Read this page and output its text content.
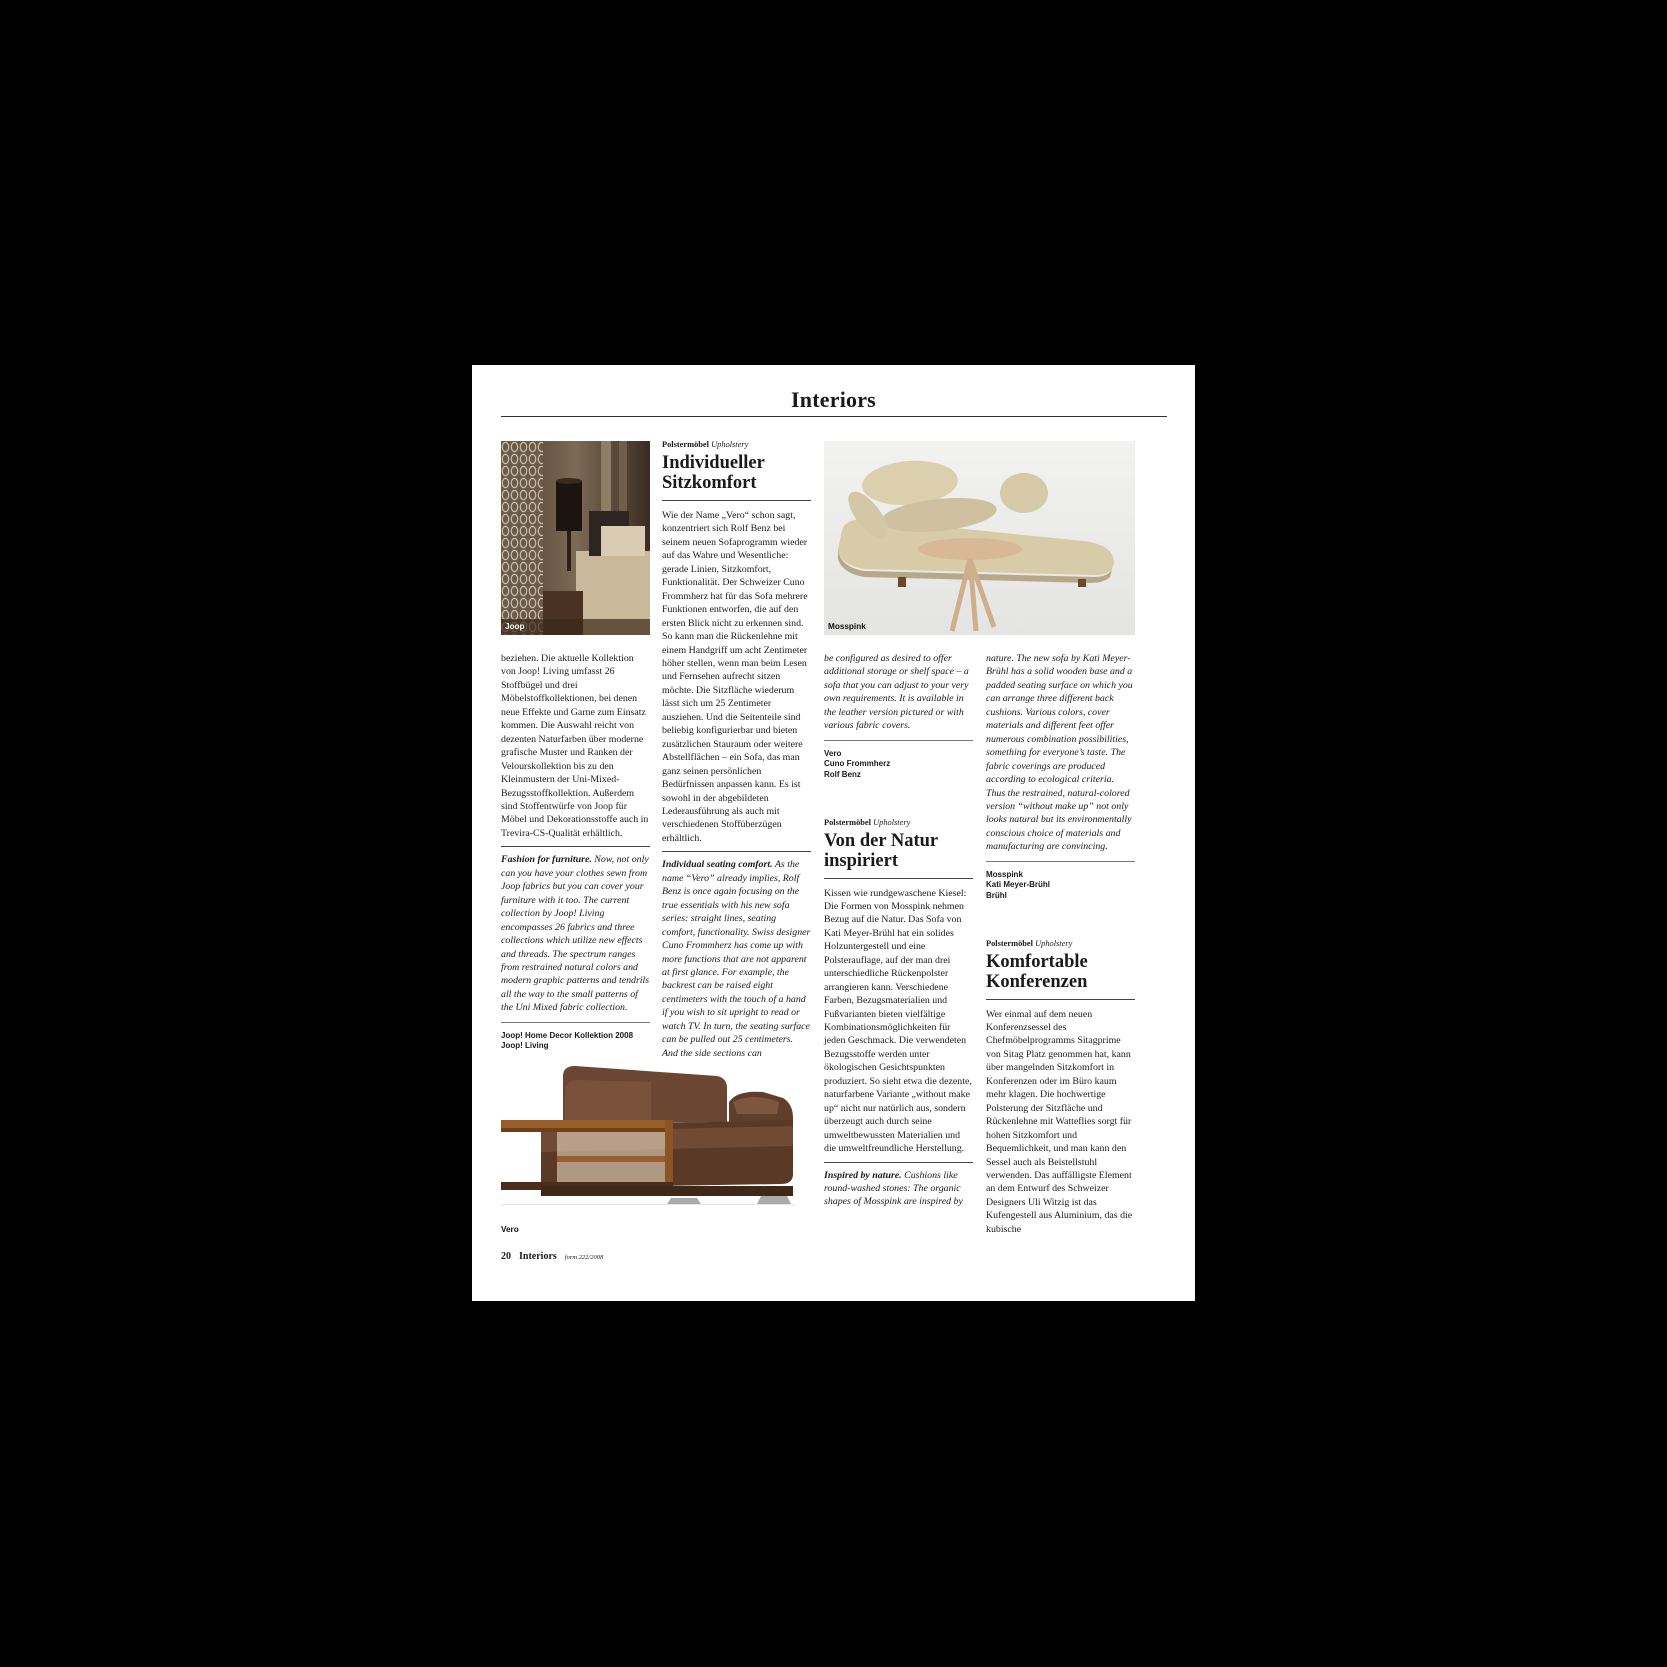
Interiors
Joop	Mosspink
Vero

beziehen. Die aktuelle Kollektion von Joop! Living umfasst 26 Stoffbügel und drei Möbelstoffkollektionen, bei denen neue Effekte und Garne zum Einsatz kommen. Die Auswahl reicht von dezenten Naturfarben über moderne grafische Muster und Ranken der Velourskollektion bis zu den Kleinmustern der Uni-Mixed-Bezugsstoffkollektion. Außerdem sind Stoffentwürfe von Joop für Möbel und Dekorationsstoffe auch in Trevira-CS-Qualität erhältlich.

Fashion for furniture. Now, not only can you have your clothes sewn from Joop fabrics but you can cover your furniture with it too. The current collection by Joop! Living encompasses 26 fabrics and three collections which utilize new effects and threads. The spectrum ranges from restrained natural colors and modern graphic patterns and tendrils all the way to the small patterns of the Uni Mixed fabric collection.

Joop! Home Decor Kollektion 2008
Joop! Living
Polstermöbel Upholstery
Individueller
Sitzkomfort

Wie der Name „Vero“ schon sagt, konzentriert sich Rolf Benz bei seinem neuen Sofaprogramm wieder auf das Wahre und Wesentliche: gerade Linien, Sitzkomfort, Funktionalität. Der Schweizer Cuno Frommherz hat für das Sofa mehrere Funktionen entworfen, die auf den ersten Blick nicht zu erkennen sind. So kann man die Rückenlehne mit einem Handgriff um acht Zentimeter höher stellen, wenn man beim Lesen und Fernsehen aufrecht sitzen möchte. Die Sitzfläche wiederum lässt sich um 25 Zentimeter ausziehen. Und die Seitenteile sind beliebig konfigurierbar und bieten zusätzlichen Stauraum oder weitere Abstellflächen – ein Sofa, das man ganz seinen persönlichen Bedürfnissen anpassen kann. Es ist sowohl in der abgebildeten Lederausführung als auch mit verschiedenen Stoffüberzügen erhältlich.

Individual seating comfort. As the name “Vero” already implies, Rolf Benz is once again focusing on the true essentials with his new sofa series: straight lines, seating comfort, functionality. Swiss designer Cuno Frommherz has come up with more functions that are not apparent at first glance. For example, the backrest can be raised eight centimeters with the touch of a hand if you wish to sit upright to read or watch TV. In turn, the seating surface can be pulled out 25 centimeters. And the side sections can

be configured as desired to offer additional storage or shelf space – a sofa that you can adjust to your very own requirements. It is available in the leather version pictured or with various fabric covers.

Vero
Cuno Frommherz
Rolf Benz
Polstermöbel Upholstery
Von der Natur
inspiriert

Kissen wie rundgewaschene Kiesel: Die Formen von Mosspink nehmen Bezug auf die Natur. Das Sofa von Kati Meyer-Brühl hat ein solides Holzuntergestell und eine Polsterauflage, auf der man drei unterschiedliche Rückenpolster arrangieren kann. Verschiedene Farben, Bezugsmaterialien und Fußvarianten bieten vielfältige Kombinationsmöglichkeiten für jeden Geschmack. Die verwendeten Bezugsstoffe werden unter ökologischen Gesichtspunkten produziert. So sieht etwa die dezente, naturfarbene Variante „without make up“ nicht nur natürlich aus, sondern überzeugt auch durch seine umweltbewussten Materialien und die umweltfreundliche Herstellung.

Inspired by nature. Cushions like round-washed stones: The organic shapes of Mosspink are inspired by

nature. The new sofa by Kati Meyer-Brühl has a solid wooden base and a padded seating surface on which you can arrange three different back cushions. Various colors, cover materials and different feet offer numerous combination possibilities, something for everyone’s taste. The fabric coverings are produced according to ecological criteria. Thus the restrained, natural-colored version “without make up” not only looks natural but its environmentally conscious choice of materials and manufacturing are convincing.

Mosspink
Kati Meyer-Brühl
Brühl
Polstermöbel Upholstery
Komfortable
Konferenzen

Wer einmal auf dem neuen Konferenzsessel des Chefmöbelprogramms Sitagprime von Sitag Platz genommen hat, kann über mangelnden Sitzkomfort in Konferenzen oder im Büro kaum mehr klagen. Die hochwertige Polsterung der Sitzfläche und Rückenlehne mit Watteflies sorgt für hohen Sitzkomfort und Bequemlichkeit, und man kann den Sessel auch als Beistellstuhl verwenden. Das auffälligste Element an dem Entwurf des Schweizer Designers Uli Witzig ist das Kufengestell aus Aluminium, das die kubische

20 Interiors form 222/2008
